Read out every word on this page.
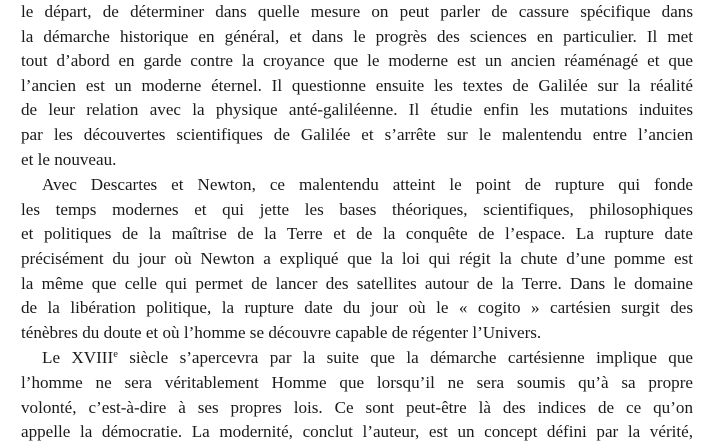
le départ, de déterminer dans quelle mesure on peut parler de cassure spécifique dans
la démarche historique en général, et dans le progrès des sciences en particulier. Il met
tout d’abord en garde contre la croyance que le moderne est un ancien réaménagé et que
l’ancien est un moderne éternel. Il questionne ensuite les textes de Galilée sur la réalité
de leur relation avec la physique anté-galiléenne. Il étudie enfin les mutations induites
par les découvertes scientifiques de Galilée et s’arrête sur le malentendu entre l’ancien
et le nouveau.
Avec Descartes et Newton, ce malentendu atteint le point de rupture qui fonde
les temps modernes et qui jette les bases théoriques, scientifiques, philosophiques
et politiques de la maîtrise de la Terre et de la conquête de l’espace. La rupture date
précisément du jour où Newton a expliqué que la loi qui régit la chute d’une pomme est
la même que celle qui permet de lancer des satellites autour de la Terre. Dans le domaine
de la libération politique, la rupture date du jour où le « cogito » cartésien surgit des
ténèbres du doute et où l’homme se découvre capable de régenter l’Univers.
Le XVIIIe siècle s’apercevra par la suite que la démarche cartésienne implique que
l’homme ne sera véritablement Homme que lorsqu’il ne sera soumis qu’à sa propre
volonté, c’est-à-dire à ses propres lois. Ce sont peut-être là des indices de ce qu’on
appelle la démocratie. La modernité, conclut l’auteur, est un concept défini par la vérité,
